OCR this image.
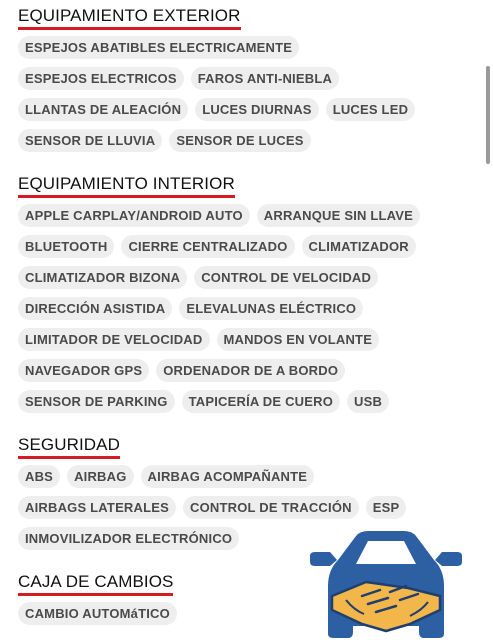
EQUIPAMIENTO EXTERIOR
ESPEJOS ABATIBLES ELECTRICAMENTE
ESPEJOS ELECTRICOS	FAROS ANTI-NIEBLA
LLANTAS DE ALEACIÓN	LUCES DIURNAS	LUCES LED
SENSOR DE LLUVIA	SENSOR DE LUCES
EQUIPAMIENTO INTERIOR
APPLE CARPLAY/ANDROID AUTO	ARRANQUE SIN LLAVE
BLUETOOTH	CIERRE CENTRALIZADO	CLIMATIZADOR
CLIMATIZADOR BIZONA	CONTROL DE VELOCIDAD
DIRECCIÓN ASISTIDA	ELEVALUNAS ELÉCTRICO
LIMITADOR DE VELOCIDAD	MANDOS EN VOLANTE
NAVEGADOR GPS	ORDENADOR DE A BORDO
SENSOR DE PARKING	TAPICERÍA DE CUERO	USB
SEGURIDAD
ABS	AIRBAG	AIRBAG ACOMPAÑANTE
AIRBAGS LATERALES	CONTROL DE TRACCIÓN	ESP
INMOVILIZADOR ELECTRÓNICO
CAJA DE CAMBIOS
CAMBIO AUTOMáTICO
